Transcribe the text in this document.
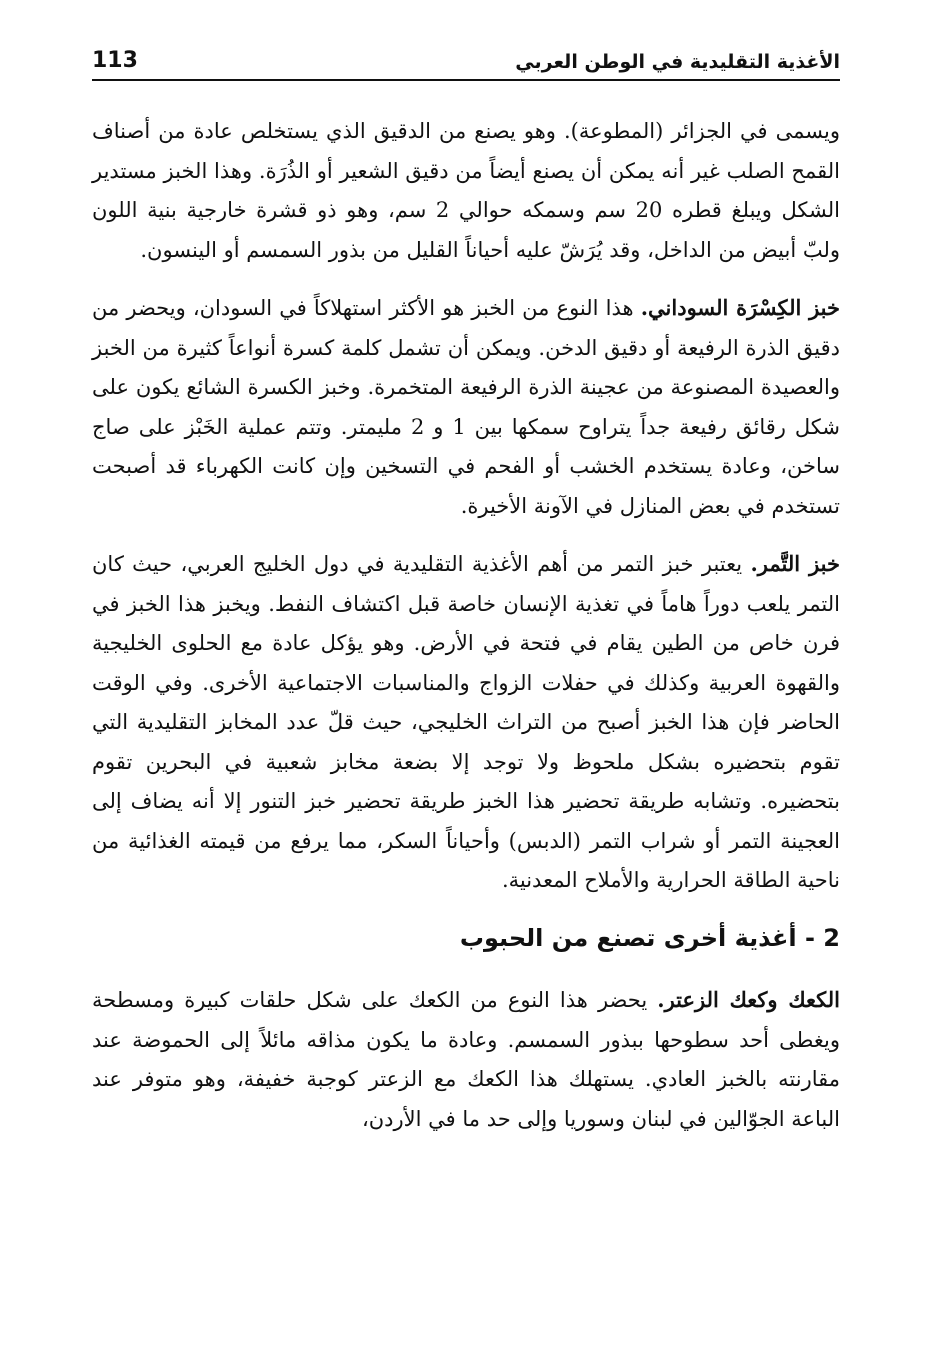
113	الأغذية التقليدية في الوطن العربي

ويسمى في الجزائر (المطوعة). وهو يصنع من الدقيق الذي يستخلص عادة من أصناف القمح الصلب غير أنه يمكن أن يصنع أيضاً من دقيق الشعير أو الذُرَة. وهذا الخبز مستدير الشكل ويبلغ قطره 20 سم وسمكه حوالي 2 سم، وهو ذو قشرة خارجية بنية اللون ولبّ أبيض من الداخل، وقد يُرَشّ عليه أحياناً القليل من بذور السمسم أو الينسون.

خبز الكِسْرَة السوداني. هذا النوع من الخبز هو الأكثر استهلاكاً في السودان، ويحضر من دقيق الذرة الرفيعة أو دقيق الدخن. ويمكن أن تشمل كلمة كسرة أنواعاً كثيرة من الخبز والعصيدة المصنوعة من عجينة الذرة الرفيعة المتخمرة. وخبز الكسرة الشائع يكون على شكل رقائق رفيعة جداً يتراوح سمكها بين 1 و 2 مليمتر. وتتم عملية الخَبْز على صاج ساخن، وعادة يستخدم الخشب أو الفحم في التسخين وإن كانت الكهرباء قد أصبحت تستخدم في بعض المنازل في الآونة الأخيرة.

خبز التَّمر. يعتبر خبز التمر من أهم الأغذية التقليدية في دول الخليج العربي، حيث كان التمر يلعب دوراً هاماً في تغذية الإنسان خاصة قبل اكتشاف النفط. ويخبز هذا الخبز في فرن خاص من الطين يقام في فتحة في الأرض. وهو يؤكل عادة مع الحلوى الخليجية والقهوة العربية وكذلك في حفلات الزواج والمناسبات الاجتماعية الأخرى. وفي الوقت الحاضر فإن هذا الخبز أصبح من التراث الخليجي، حيث قلّ عدد المخابز التقليدية التي تقوم بتحضيره بشكل ملحوظ ولا توجد إلا بضعة مخابز شعبية في البحرين تقوم بتحضيره. وتشابه طريقة تحضير هذا الخبز طريقة تحضير خبز التنور إلا أنه يضاف إلى العجينة التمر أو شراب التمر (الدبس) وأحياناً السكر، مما يرفع من قيمته الغذائية من ناحية الطاقة الحرارية والأملاح المعدنية.

2 - أغذية أخرى تصنع من الحبوب

الكعك وكعك الزعتر. يحضر هذا النوع من الكعك على شكل حلقات كبيرة ومسطحة ويغطى أحد سطوحها ببذور السمسم. وعادة ما يكون مذاقه مائلاً إلى الحموضة عند مقارنته بالخبز العادي. يستهلك هذا الكعك مع الزعتر كوجبة خفيفة، وهو متوفر عند الباعة الجوّالين في لبنان وسوريا وإلى حد ما في الأردن،
